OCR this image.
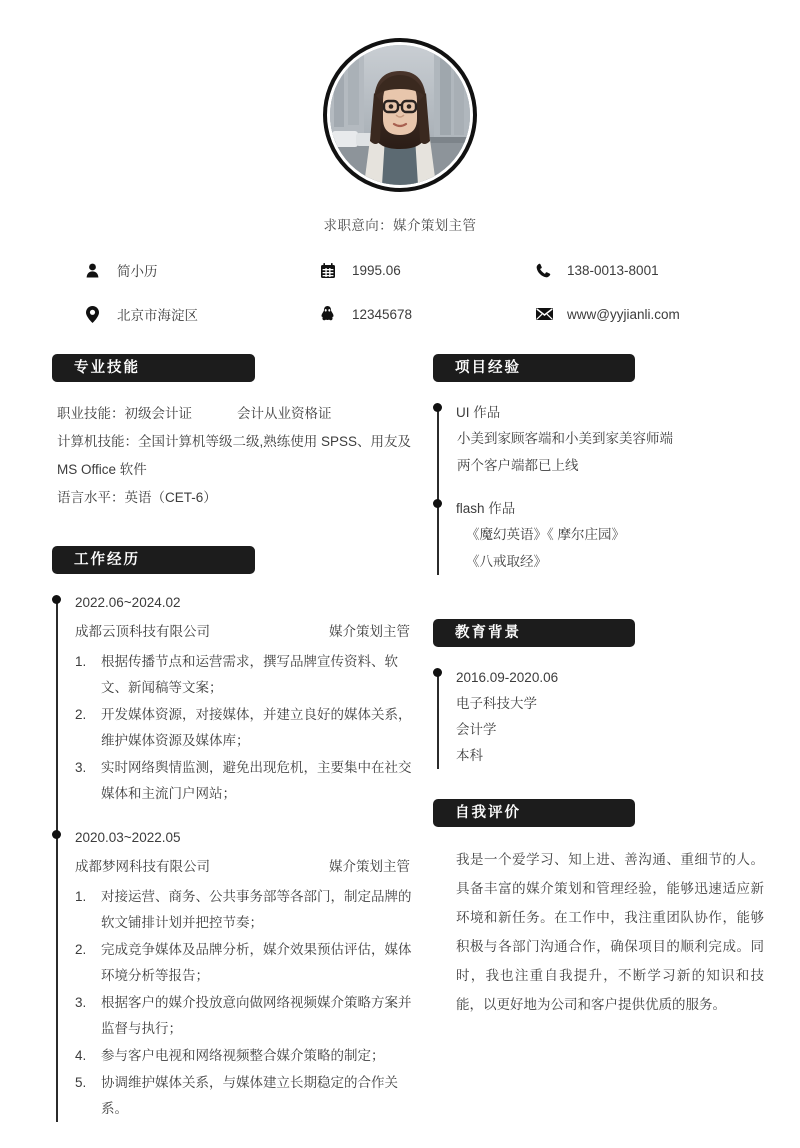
求职意向：媒介策划主管
简小历	1995.06	138-0013-8001
北京市海淀区	12345678	www@yyjianli.com
专业技能
职业技能：初级会计证            会计从业资格证
计算机技能：全国计算机等级二级,熟练使用 SPSS、用友及
MS Office 软件
语言水平：英语（CET-6）
工作经历
2022.06~2024.02
成都云顶科技有限公司	媒介策划主管
1.	根据传播节点和运营需求，撰写品牌宣传资料、软文、新闻稿等文案；
2.	开发媒体资源，对接媒体，并建立良好的媒体关系，维护媒体资源及媒体库；
3.	实时网络舆情监测，避免出现危机，主要集中在社交媒体和主流门户网站；
2020.03~2022.05
成都梦网科技有限公司	媒介策划主管
1.	对接运营、商务、公共事务部等各部门，制定品牌的软文铺排计划并把控节奏；
2.	完成竞争媒体及品牌分析，媒介效果预估评估，媒体环境分析等报告；
3.	根据客户的媒介投放意向做网络视频媒介策略方案并监督与执行；
4.	参与客户电视和网络视频整合媒介策略的制定；
5.	协调维护媒体关系，与媒体建立长期稳定的合作关系。
项目经验
UI 作品
小美到家顾客端和小美到家美容师端
两个客户端都已上线
flash 作品
《魔幻英语》《 摩尔庄园》
《八戒取经》
教育背景
2016.09-2020.06
电子科技大学
会计学
本科
自我评价
我是一个爱学习、知上进、善沟通、重细节的人。具备丰富的媒介策划和管理经验，能够迅速适应新环境和新任务。在工作中，我注重团队协作，能够积极与各部门沟通合作，确保项目的顺利完成。同时，我也注重自我提升，不断学习新的知识和技能，以更好地为公司和客户提供优质的服务。
